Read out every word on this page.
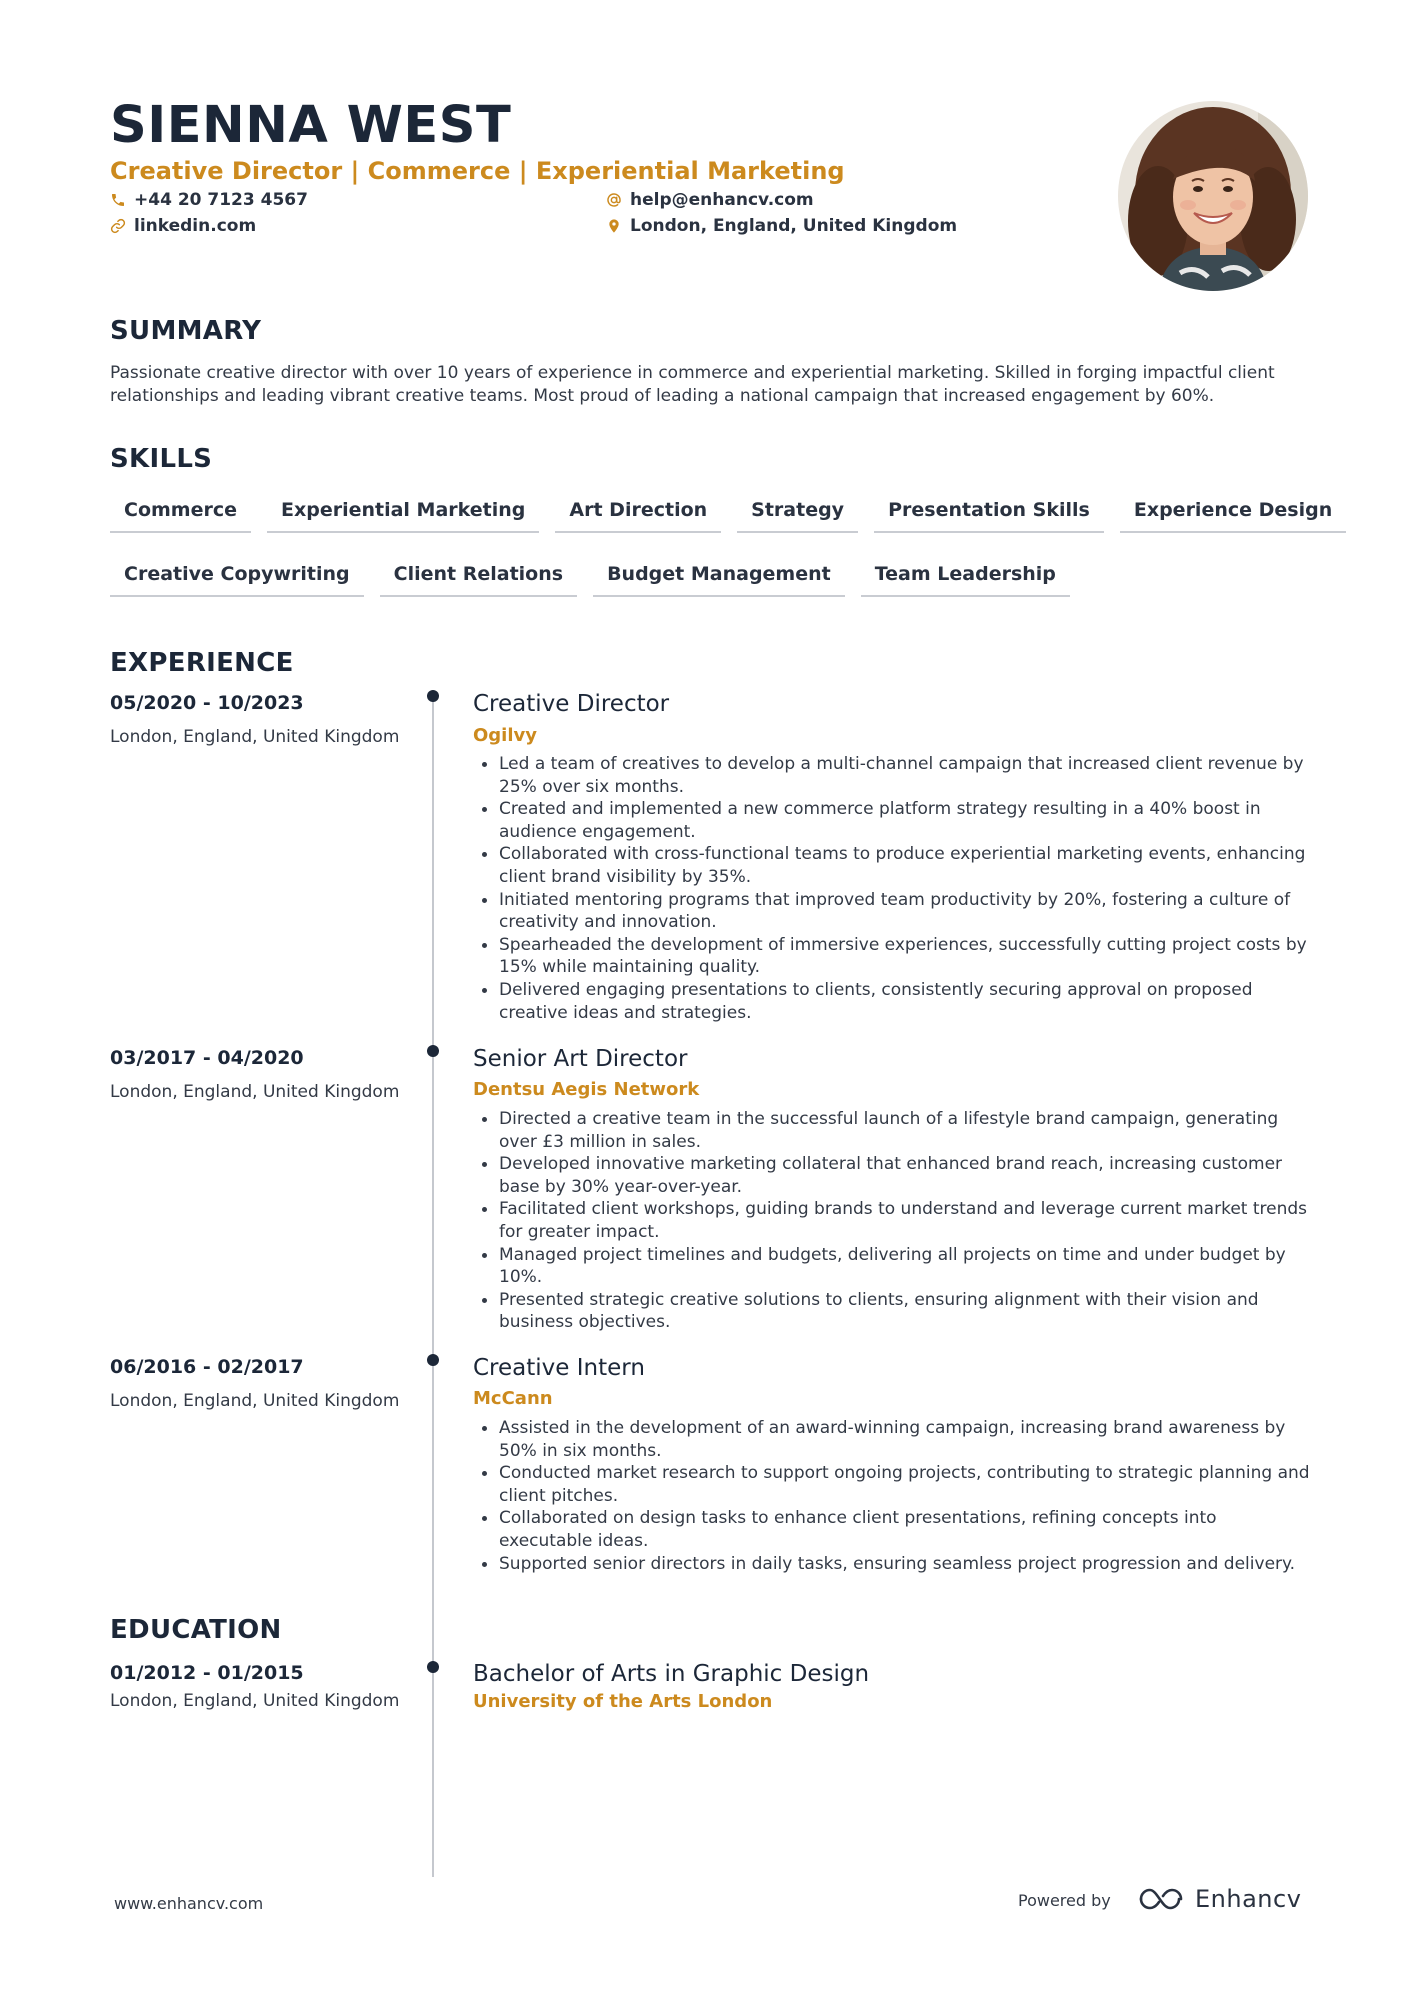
SIENNA WEST
Creative Director | Commerce | Experiential Marketing
+44 20 7123 4567	help@enhancv.com
linkedin.com	London, England, United Kingdom
SUMMARY
Passionate creative director with over 10 years of experience in commerce and experiential marketing. Skilled in forging impactful client relationships and leading vibrant creative teams. Most proud of leading a national campaign that increased engagement by 60%.
SKILLS
Commerce	Experiential Marketing	Art Direction	Strategy	Presentation Skills	Experience Design
Creative Copywriting	Client Relations	Budget Management	Team Leadership
EXPERIENCE
05/2020 - 10/2023
London, England, United Kingdom
Creative Director
Ogilvy
Led a team of creatives to develop a multi-channel campaign that increased client revenue by 25% over six months.
Created and implemented a new commerce platform strategy resulting in a 40% boost in audience engagement.
Collaborated with cross-functional teams to produce experiential marketing events, enhancing client brand visibility by 35%.
Initiated mentoring programs that improved team productivity by 20%, fostering a culture of creativity and innovation.
Spearheaded the development of immersive experiences, successfully cutting project costs by 15% while maintaining quality.
Delivered engaging presentations to clients, consistently securing approval on proposed creative ideas and strategies.
03/2017 - 04/2020
London, England, United Kingdom
Senior Art Director
Dentsu Aegis Network
Directed a creative team in the successful launch of a lifestyle brand campaign, generating over £3 million in sales.
Developed innovative marketing collateral that enhanced brand reach, increasing customer base by 30% year-over-year.
Facilitated client workshops, guiding brands to understand and leverage current market trends for greater impact.
Managed project timelines and budgets, delivering all projects on time and under budget by 10%.
Presented strategic creative solutions to clients, ensuring alignment with their vision and business objectives.
06/2016 - 02/2017
London, England, United Kingdom
Creative Intern
McCann
Assisted in the development of an award-winning campaign, increasing brand awareness by 50% in six months.
Conducted market research to support ongoing projects, contributing to strategic planning and client pitches.
Collaborated on design tasks to enhance client presentations, refining concepts into executable ideas.
Supported senior directors in daily tasks, ensuring seamless project progression and delivery.
EDUCATION
01/2012 - 01/2015
London, England, United Kingdom
Bachelor of Arts in Graphic Design
University of the Arts London
www.enhancv.com	Powered by	Enhancv
